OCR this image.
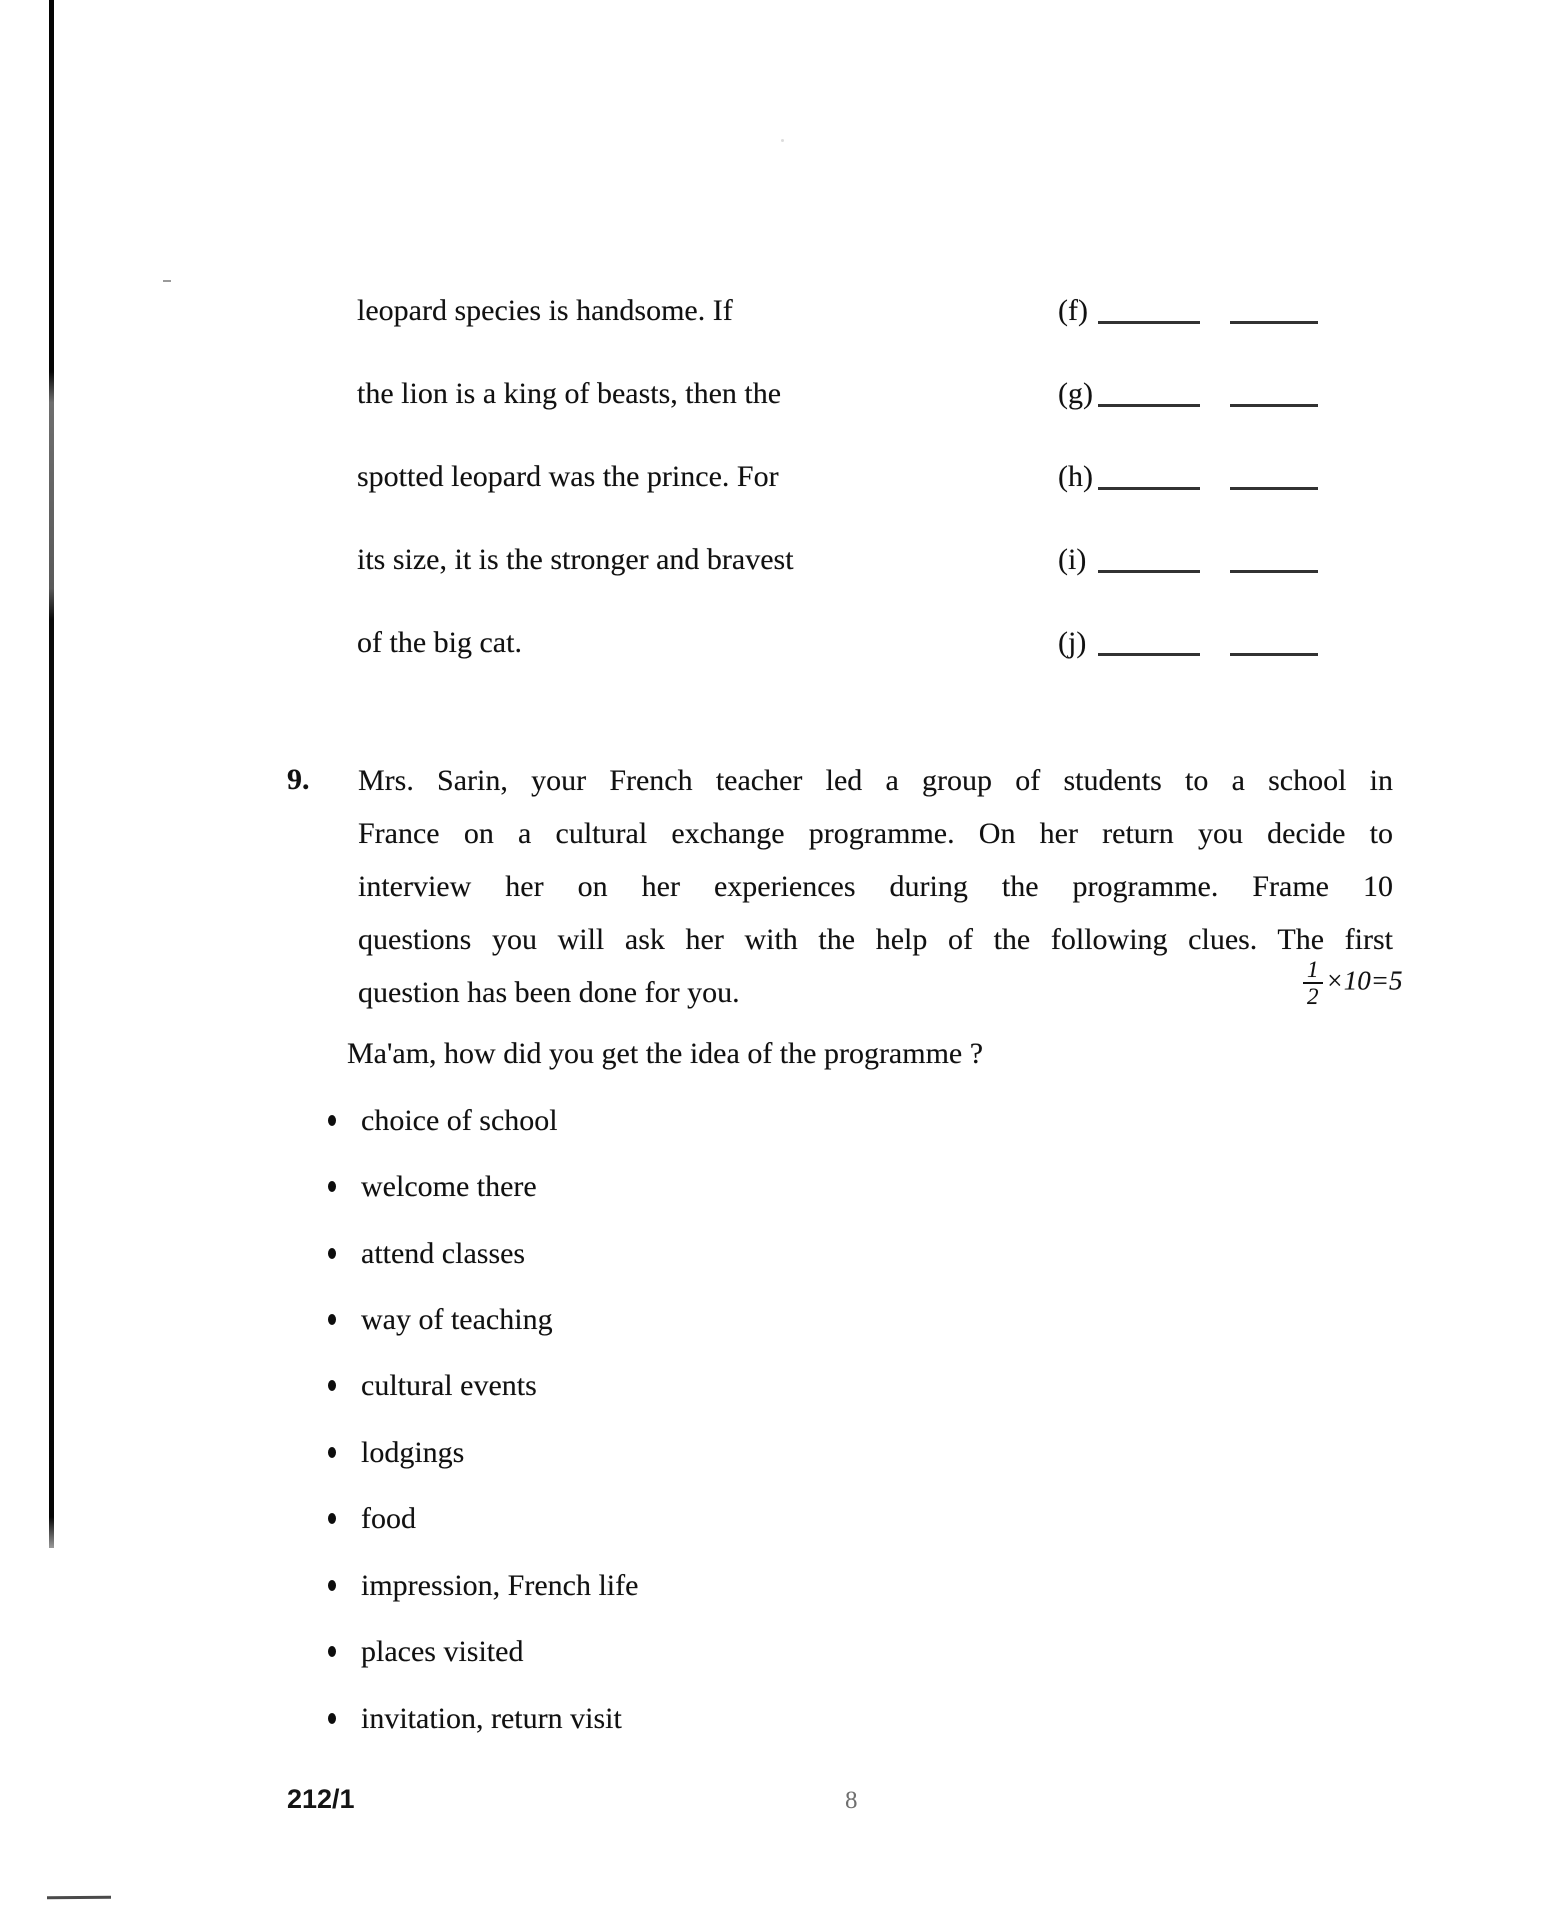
leopard species is handsome. If	(f)
the lion is a king of beasts, then the	(g)
spotted leopard was the prince. For	(h)
its size, it is the stronger and bravest	(i)
of the big cat.	(j)
9. Mrs. Sarin, your French teacher led a group of students to a school in
France on a cultural exchange programme. On her return you decide to
interview her on her experiences during the programme. Frame 10
questions you will ask her with the help of the following clues. The first
question has been done for you.	$\frac{1}{2} \times 10=5$
Ma'am, how did you get the idea of the programme ?
choice of school
welcome there
attend classes
way of teaching
cultural events
lodgings
food
impression, French life
places visited
invitation, return visit
212/1	8
